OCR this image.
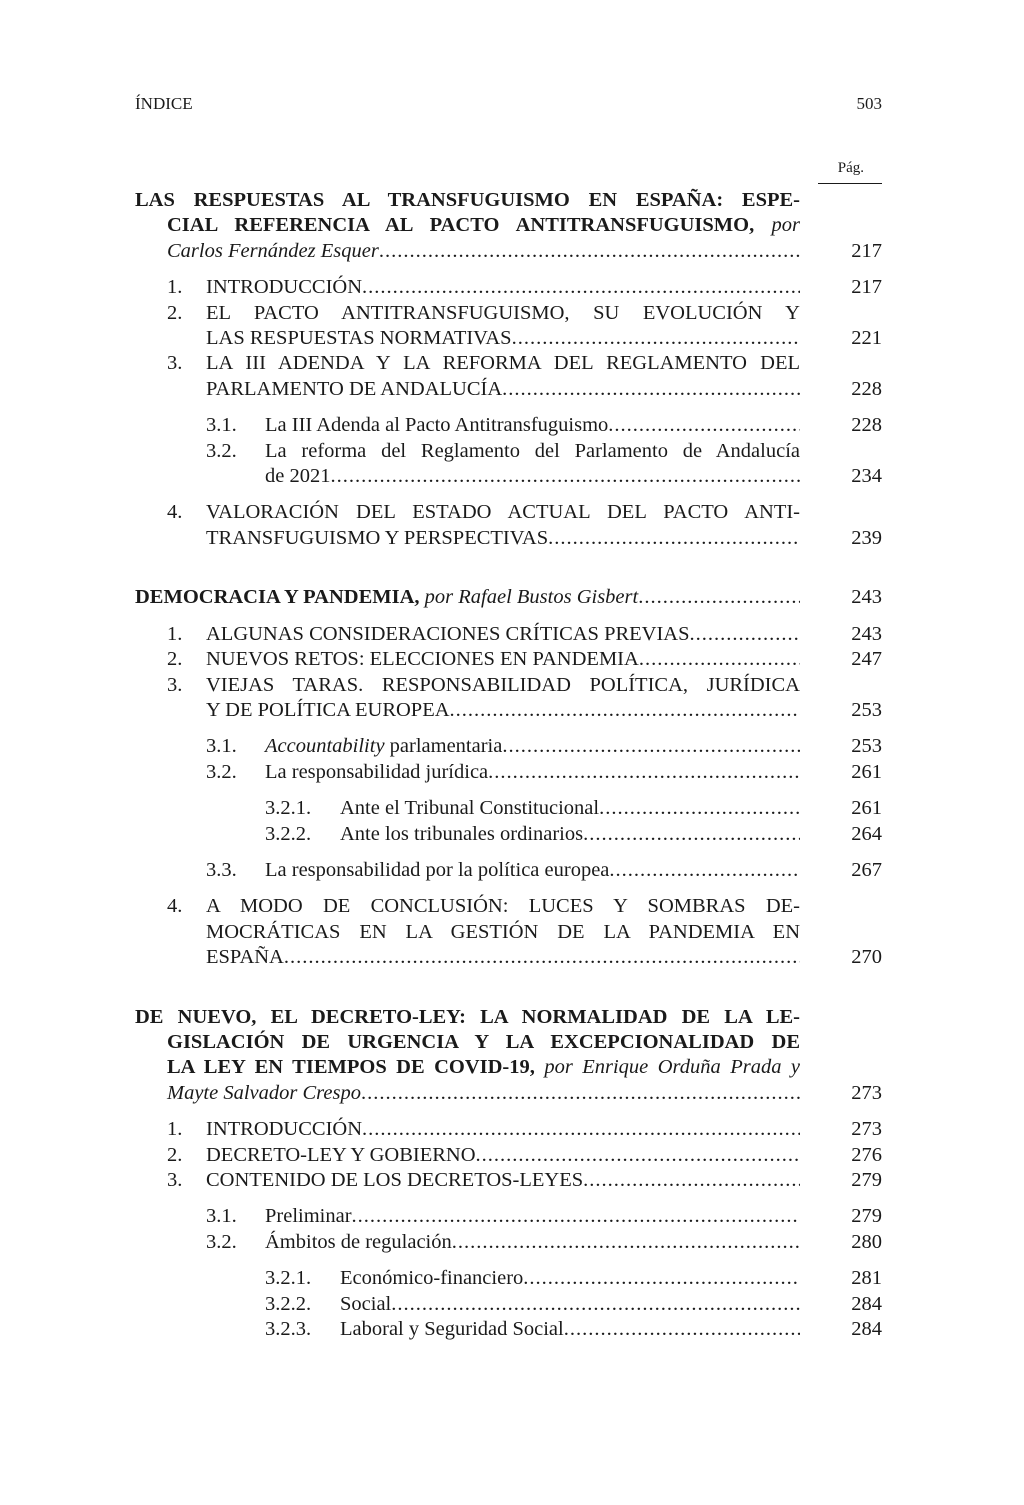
ÍNDICE	503
Pág.
LAS RESPUESTAS AL TRANSFUGUISMO EN ESPAÑA: ESPE-
CIAL REFERENCIA AL PACTO ANTITRANSFUGUISMO, por
Carlos Fernández Esquer .....	217
1.	INTRODUCCIÓN .....	217
2.	EL PACTO ANTITRANSFUGUISMO, SU EVOLUCIÓN Y
LAS RESPUESTAS NORMATIVAS .....	221
3.	LA III ADENDA Y LA REFORMA DEL REGLAMENTO DEL
PARLAMENTO DE ANDALUCÍA .....	228
3.1.	La III Adenda al Pacto Antitransfuguismo .....	228
3.2.	La reforma del Reglamento del Parlamento de Andalucía
de 2021 .....	234
4.	VALORACIÓN DEL ESTADO ACTUAL DEL PACTO ANTI-
TRANSFUGUISMO Y PERSPECTIVAS .....	239
DEMOCRACIA Y PANDEMIA, por Rafael Bustos Gisbert .....	243
1.	ALGUNAS CONSIDERACIONES CRÍTICAS PREVIAS .....	243
2.	NUEVOS RETOS: ELECCIONES EN PANDEMIA .....	247
3.	VIEJAS TARAS. RESPONSABILIDAD POLÍTICA, JURÍDICA
Y DE POLÍTICA EUROPEA .....	253
3.1.	Accountability parlamentaria .....	253
3.2.	La responsabilidad jurídica .....	261
3.2.1.	Ante el Tribunal Constitucional .....	261
3.2.2.	Ante los tribunales ordinarios .....	264
3.3.	La responsabilidad por la política europea .....	267
4.	A MODO DE CONCLUSIÓN: LUCES Y SOMBRAS DE-
MOCRÁTICAS EN LA GESTIÓN DE LA PANDEMIA EN
ESPAÑA .....	270
DE NUEVO, EL DECRETO-LEY: LA NORMALIDAD DE LA LE-
GISLACIÓN DE URGENCIA Y LA EXCEPCIONALIDAD DE
LA LEY EN TIEMPOS DE COVID-19, por Enrique Orduña Prada y
Mayte Salvador Crespo .....	273
1.	INTRODUCCIÓN .....	273
2.	DECRETO-LEY Y GOBIERNO .....	276
3.	CONTENIDO DE LOS DECRETOS-LEYES .....	279
3.1.	Preliminar .....	279
3.2.	Ámbitos de regulación .....	280
3.2.1.	Económico-financiero .....	281
3.2.2.	Social .....	284
3.2.3.	Laboral y Seguridad Social .....	284
